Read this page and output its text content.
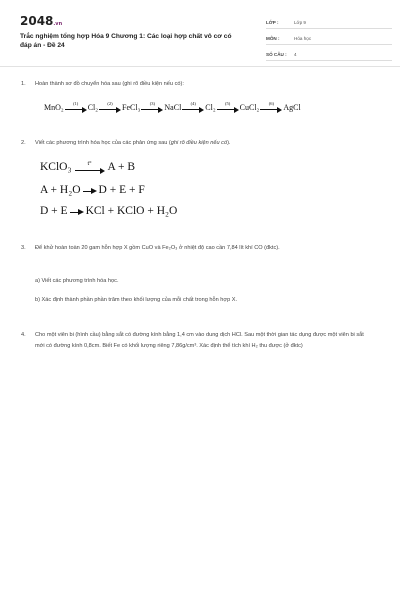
2048.vn
Trắc nghiệm tổng hợp Hóa 9 Chương 1: Các loại hợp chất vô cơ có đáp án - Đề 24
LỚP :	Lớp 9
MÔN :	Hóa học
SỐ CÂU :	4
1. Hoàn thành sơ đồ chuyển hóa sau (ghi rõ điều kiện nếu có):
MnO₂ (1) Cl₂ (2) FeCl₃ (3) NaCl (4) Cl₂ (5) CuCl₂ (6) AgCl
2. Viết các phương trình hóa học của các phản ứng sau (ghi rõ điều kiện nếu có).
KClO₃	t° A + B
A + H₂O D + E + F
D + E KCl + KClO + H₂O
3. Để khử hoàn toàn 20 gam hỗn hợp X gồm CuO và Fe₂O₃ ở nhiệt độ cao cần 7,84 lít khí CO (đktc).
a) Viết các phương trình hóa học.
b) Xác định thành phần phần trăm theo khối lượng của mỗi chất trong hỗn hợp X.
4. Cho một viên bi (hình cầu) bằng sắt có đường kính bằng 1,4 cm vào dung dịch HCl. Sau một thời gian tác dụng được một viên bi sắt mới có đường kính 0,8cm. Biết Fe có khối lượng riêng 7,86g/cm³. Xác định thể tích khí H₂ thu được (ở đktc)
